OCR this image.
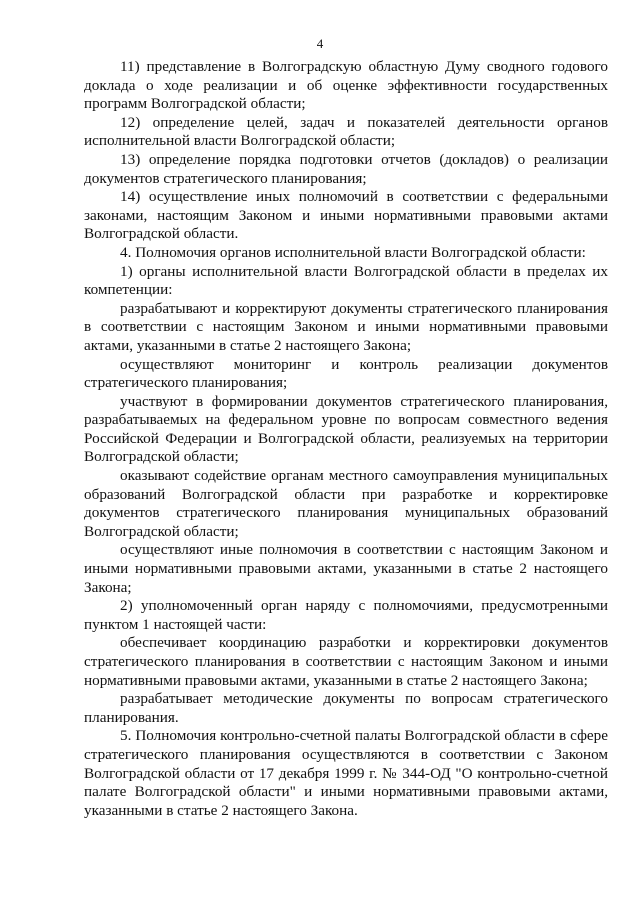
4

11) представление в Волгоградскую областную Думу сводного годового доклада о ходе реализации и об оценке эффективности государственных программ Волгоградской области;

12) определение целей, задач и показателей деятельности органов исполнительной власти Волгоградской области;

13) определение порядка подготовки отчетов (докладов) о реализации документов стратегического планирования;

14) осуществление иных полномочий в соответствии с федеральными законами, настоящим Законом и иными нормативными правовыми актами Волгоградской области.

4. Полномочия органов исполнительной власти Волгоградской области:

1) органы исполнительной власти Волгоградской области в пределах их компетенции:

разрабатывают и корректируют документы стратегического планирования в соответствии с настоящим Законом и иными нормативными правовыми актами, указанными в статье 2 настоящего Закона;

осуществляют мониторинг и контроль реализации документов стратегического планирования;

участвуют в формировании документов стратегического планирования, разрабатываемых на федеральном уровне по вопросам совместного ведения Российской Федерации и Волгоградской области, реализуемых на территории Волгоградской области;

оказывают содействие органам местного самоуправления муниципальных образований Волгоградской области при разработке и корректировке документов стратегического планирования муниципальных образований Волгоградской области;

осуществляют иные полномочия в соответствии с настоящим Законом и иными нормативными правовыми актами, указанными в статье 2 настоящего Закона;

2) уполномоченный орган наряду с полномочиями, предусмотренными пунктом 1 настоящей части:

обеспечивает координацию разработки и корректировки документов стратегического планирования в соответствии с настоящим Законом и иными нормативными правовыми актами, указанными в статье 2 настоящего Закона;

разрабатывает методические документы по вопросам стратегического планирования.

5. Полномочия контрольно-счетной палаты Волгоградской области в сфере стратегического планирования осуществляются в соответствии с Законом Волгоградской области от 17 декабря 1999 г. № 344-ОД "О контрольно-счетной палате Волгоградской области" и иными нормативными правовыми актами, указанными в статье 2 настоящего Закона.
